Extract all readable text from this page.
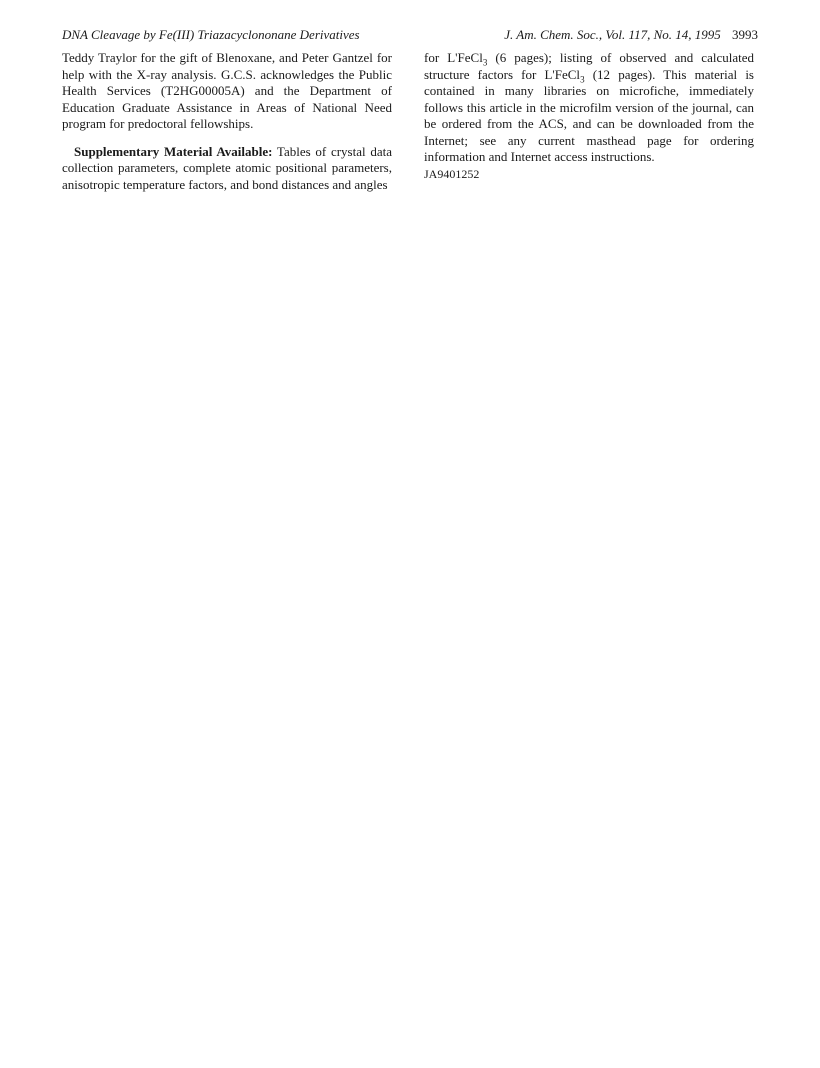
DNA Cleavage by Fe(III) Triazacyclononane Derivatives	J. Am. Chem. Soc., Vol. 117, No. 14, 1995 3993

Teddy Traylor for the gift of Blenoxane, and Peter Gantzel for help with the X-ray analysis. G.C.S. acknowledges the Public Health Services (T2HG00005A) and the Department of Education Graduate Assistance in Areas of National Need program for predoctoral fellowships.

Supplementary Material Available: Tables of crystal data collection parameters, complete atomic positional parameters, anisotropic temperature factors, and bond distances and angles

for L'FeCl$_3$ (6 pages); listing of observed and calculated structure factors for L'FeCl$_3$ (12 pages). This material is contained in many libraries on microfiche, immediately follows this article in the microfilm version of the journal, can be ordered from the ACS, and can be downloaded from the Internet; see any current masthead page for ordering information and Internet access instructions.

JA9401252
